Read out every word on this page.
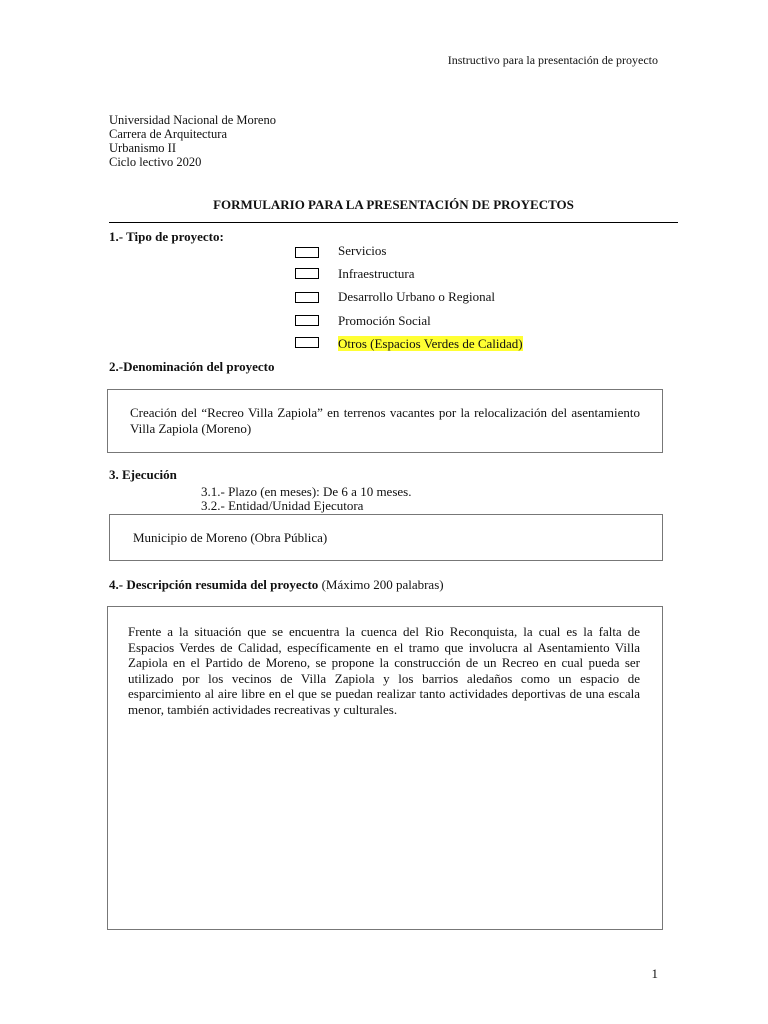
Instructivo para la presentación de proyecto
Universidad Nacional de Moreno
Carrera de Arquitectura
Urbanismo II
Ciclo lectivo 2020
FORMULARIO PARA LA PRESENTACIÓN DE PROYECTOS
1.- Tipo de proyecto:
Servicios
Infraestructura
Desarrollo Urbano o Regional
Promoción Social
Otros (Espacios Verdes de Calidad)
2.-Denominación del proyecto
Creación del “Recreo Villa Zapiola” en terrenos vacantes por la relocalización del asentamiento Villa Zapiola (Moreno)
3. Ejecución
3.1.- Plazo (en meses): De 6 a 10 meses.
3.2.- Entidad/Unidad Ejecutora
Municipio de Moreno (Obra Pública)
4.- Descripción resumida del proyecto (Máximo 200 palabras)
Frente a la situación que se encuentra la cuenca del Rio Reconquista, la cual es la falta de Espacios Verdes de Calidad, específicamente en el tramo que involucra al Asentamiento Villa Zapiola en el Partido de Moreno, se propone la construcción de un Recreo en cual pueda ser utilizado por los vecinos de Villa Zapiola y los barrios aledaños como un espacio de esparcimiento al aire libre en el que se puedan realizar tanto actividades deportivas de una escala menor, también actividades recreativas y culturales.
1
